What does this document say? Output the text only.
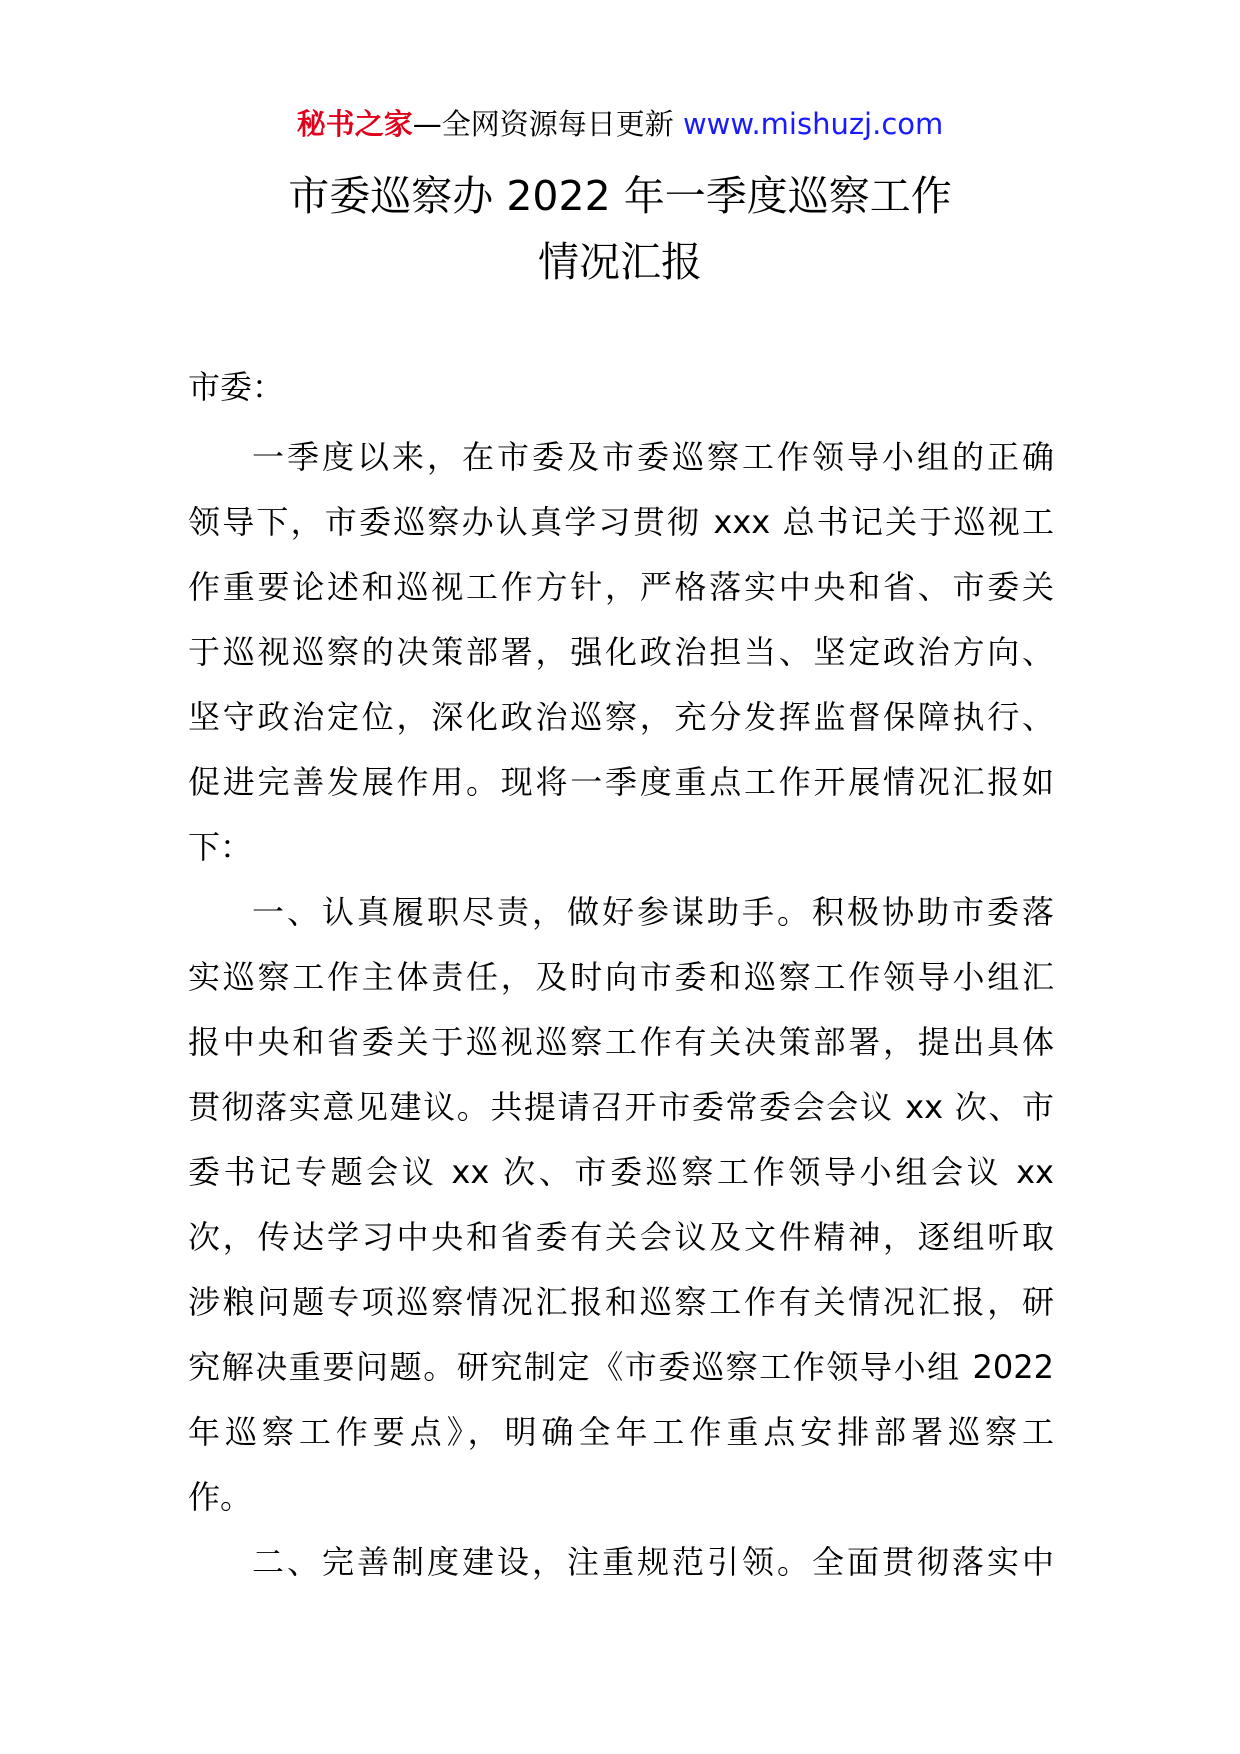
秘书之家—全网资源每日更新 www.mishuzj.com
市委巡察办 2022 年一季度巡察工作
情况汇报
市委：
一季度以来，在市委及市委巡察工作领导小组的正确
领导下，市委巡察办认真学习贯彻 xxx 总书记关于巡视工
作重要论述和巡视工作方针，严格落实中央和省、市委关
于巡视巡察的决策部署，强化政治担当、坚定政治方向、
坚守政治定位，深化政治巡察，充分发挥监督保障执行、
促进完善发展作用。现将一季度重点工作开展情况汇报如
下：
一、认真履职尽责，做好参谋助手。积极协助市委落
实巡察工作主体责任，及时向市委和巡察工作领导小组汇
报中央和省委关于巡视巡察工作有关决策部署，提出具体
贯彻落实意见建议。共提请召开市委常委会会议 xx 次、市
委书记专题会议 xx 次、市委巡察工作领导小组会议 xx
次，传达学习中央和省委有关会议及文件精神，逐组听取
涉粮问题专项巡察情况汇报和巡察工作有关情况汇报，研
究解决重要问题。研究制定《市委巡察工作领导小组 2022
年巡察工作要点》，明确全年工作重点安排部署巡察工
作。
二、完善制度建设，注重规范引领。全面贯彻落实中
